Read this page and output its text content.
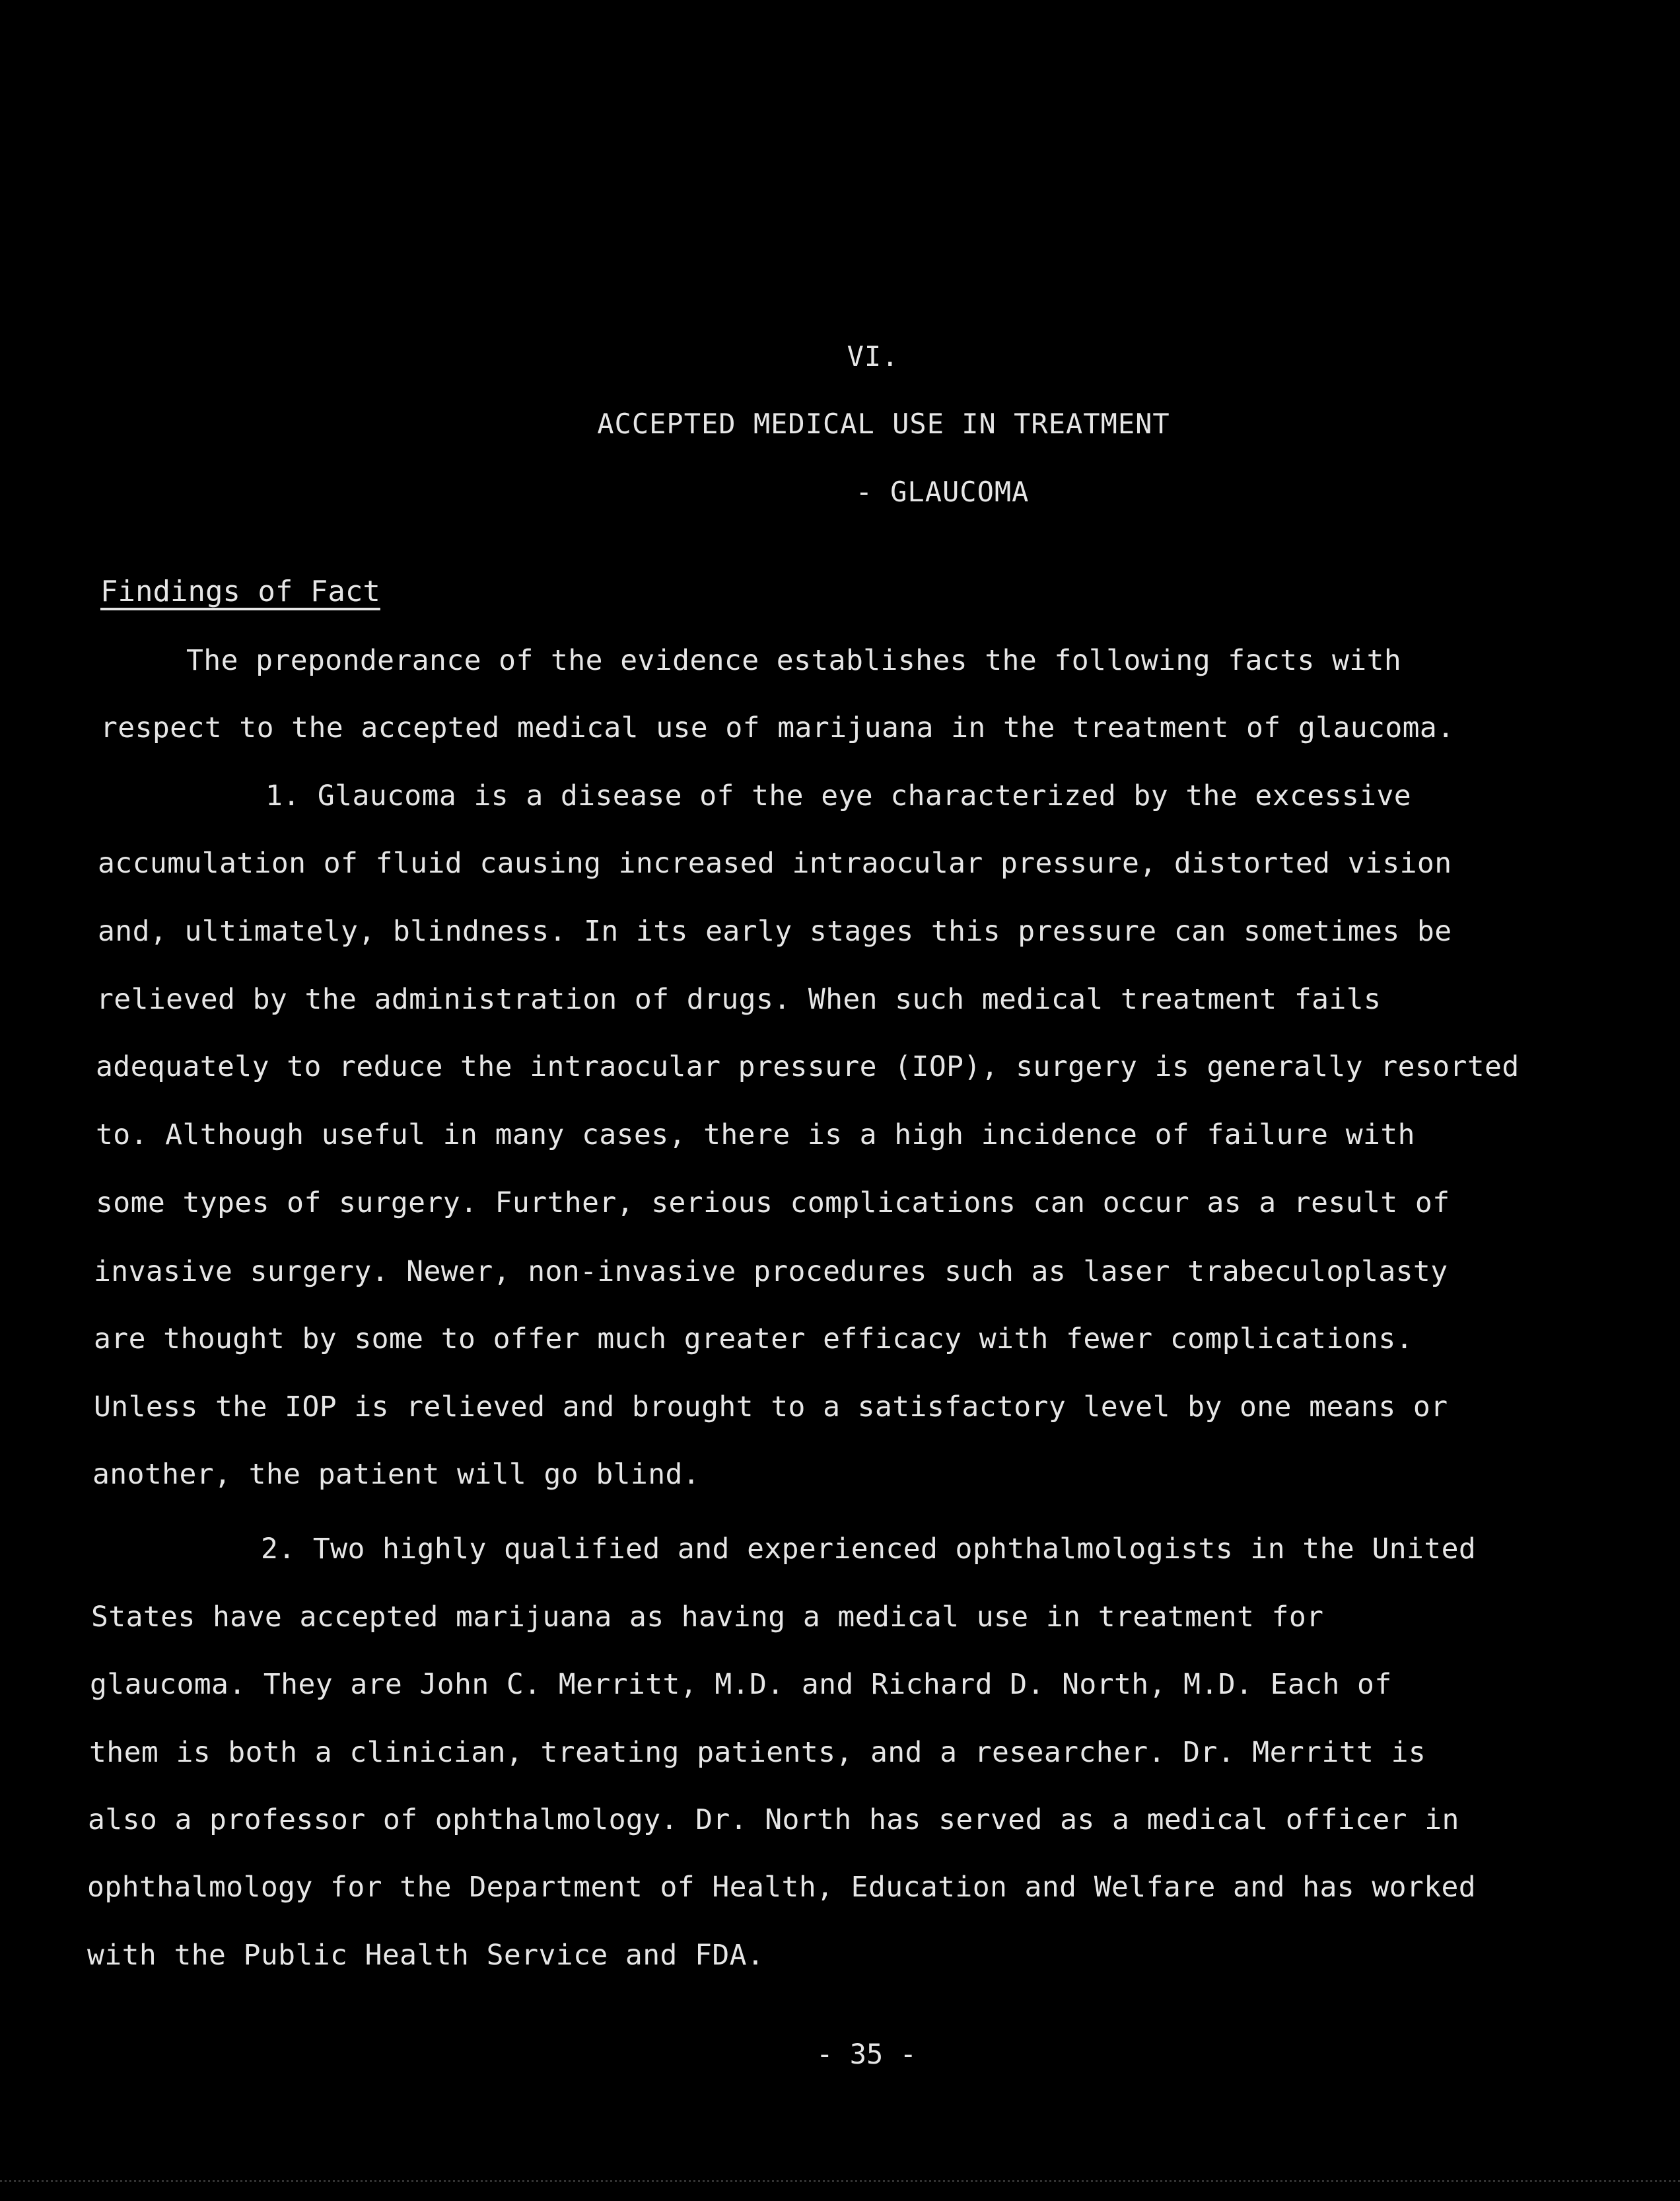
VI.
ACCEPTED MEDICAL USE IN TREATMENT
- GLAUCOMA
Findings of Fact
The preponderance of the evidence establishes the following facts with
respect to the accepted medical use of marijuana in the treatment of glaucoma.
1. Glaucoma is a disease of the eye characterized by the excessive
accumulation of fluid causing increased intraocular pressure, distorted vision
and, ultimately, blindness. In its early stages this pressure can sometimes be
relieved by the administration of drugs. When such medical treatment fails
adequately to reduce the intraocular pressure (IOP), surgery is generally resorted
to. Although useful in many cases, there is a high incidence of failure with
some types of surgery. Further, serious complications can occur as a result of
invasive surgery. Newer, non-invasive procedures such as laser trabeculoplasty
are thought by some to offer much greater efficacy with fewer complications.
Unless the IOP is relieved and brought to a satisfactory level by one means or
another, the patient will go blind.
2. Two highly qualified and experienced ophthalmologists in the United
States have accepted marijuana as having a medical use in treatment for
glaucoma. They are John C. Merritt, M.D. and Richard D. North, M.D. Each of
them is both a clinician, treating patients, and a researcher. Dr. Merritt is
also a professor of ophthalmology. Dr. North has served as a medical officer in
ophthalmology for the Department of Health, Education and Welfare and has worked
with the Public Health Service and FDA.
- 35 -
